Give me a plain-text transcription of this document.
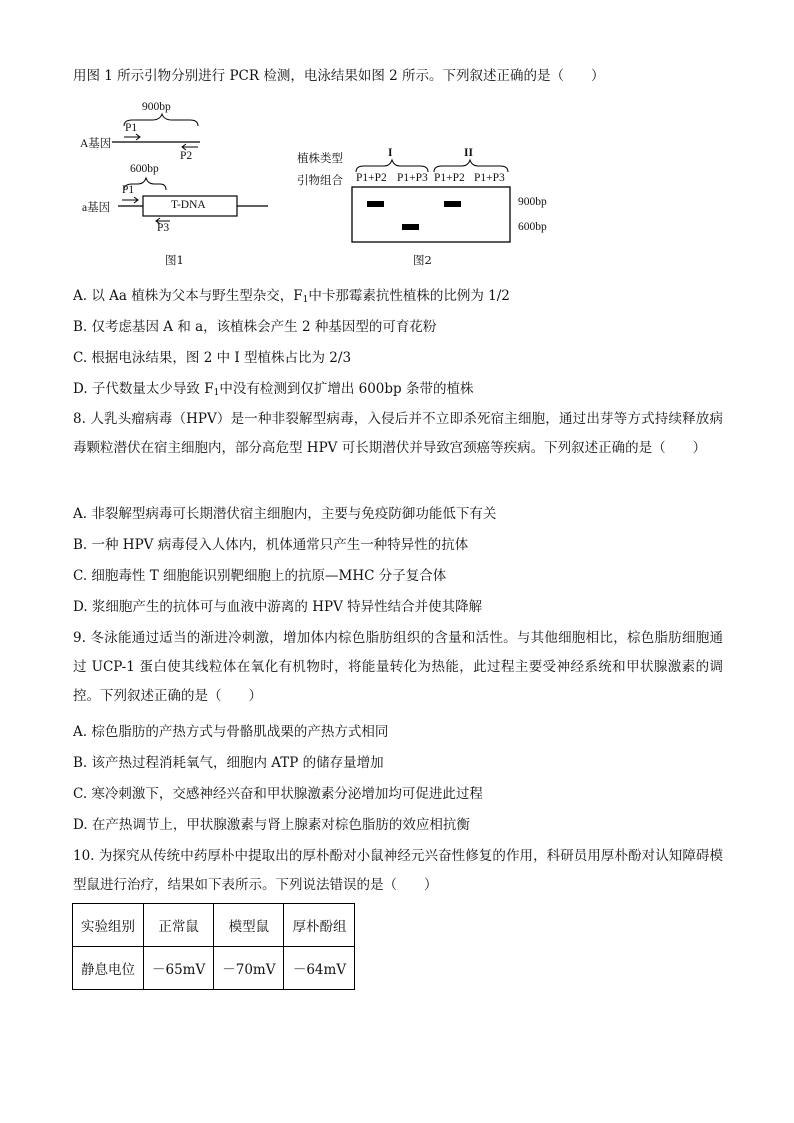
用图 1 所示引物分别进行 PCR 检测，电泳结果如图 2 所示。下列叙述正确的是（　　）
900bp
P1
A基因
P2
600bp
P1
a基因	T-DNA
P3
图1
植株类型	I	II
引物组合 P1+P2 P1+P3 P1+P2 P1+P3
900bp
600bp
图2
A. 以 Aa 植株为父本与野生型杂交，$F_1$中卡那霉素抗性植株的比例为 1/2
B. 仅考虑基因 A 和 a，该植株会产生 2 种基因型的可育花粉
C. 根据电泳结果，图 2 中 I 型植株占比为 2/3
D. 子代数量太少导致 $F_1$中没有检测到仅扩增出 600bp 条带的植株
8. 人乳头瘤病毒（HPV）是一种非裂解型病毒，入侵后并不立即杀死宿主细胞，通过出芽等方式持续释放病毒颗粒潜伏在宿主细胞内，部分高危型 HPV 可长期潜伏并导致宫颈癌等疾病。下列叙述正确的是（　　）
A. 非裂解型病毒可长期潜伏宿主细胞内，主要与免疫防御功能低下有关
B. 一种 HPV 病毒侵入人体内，机体通常只产生一种特异性的抗体
C. 细胞毒性 T 细胞能识别靶细胞上的抗原—MHC 分子复合体
D. 浆细胞产生的抗体可与血液中游离的 HPV 特异性结合并使其降解
9. 冬泳能通过适当的渐进冷刺激，增加体内棕色脂肪组织的含量和活性。与其他细胞相比，棕色脂肪细胞通过 UCP-1 蛋白使其线粒体在氧化有机物时，将能量转化为热能，此过程主要受神经系统和甲状腺激素的调控。下列叙述正确的是（　　）
A. 棕色脂肪的产热方式与骨骼肌战栗的产热方式相同
B. 该产热过程消耗氧气，细胞内 ATP 的储存量增加
C. 寒冷刺激下，交感神经兴奋和甲状腺激素分泌增加均可促进此过程
D. 在产热调节上，甲状腺激素与肾上腺素对棕色脂肪的效应相抗衡
10. 为探究从传统中药厚朴中提取出的厚朴酚对小鼠神经元兴奋性修复的作用，科研员用厚朴酚对认知障碍模型鼠进行治疗，结果如下表所示。下列说法错误的是（　　）
实验组别	正常鼠	模型鼠	厚朴酚组
静息电位	－65mV	－70mV	－64mV
